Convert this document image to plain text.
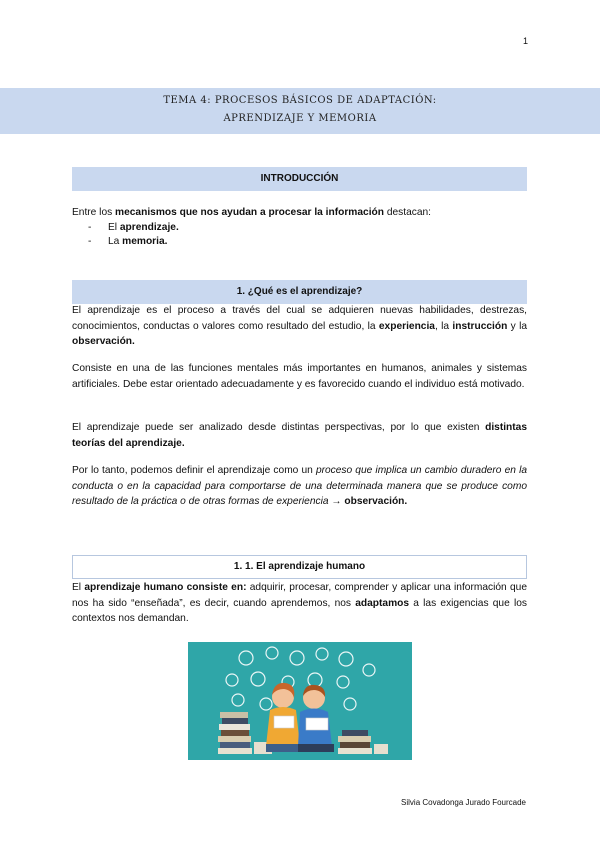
1
TEMA 4: PROCESOS BÁSICOS DE ADAPTACIÓN:
APRENDIZAJE Y MEMORIA
INTRODUCCIÓN
Entre los mecanismos que nos ayudan a procesar la información destacan:
- El aprendizaje.
- La memoria.
1. ¿Qué es el aprendizaje?
El aprendizaje es el proceso a través del cual se adquieren nuevas habilidades, destrezas, conocimientos, conductas o valores como resultado del estudio, la experiencia, la instrucción y la observación.
Consiste en una de las funciones mentales más importantes en humanos, animales y sistemas artificiales. Debe estar orientado adecuadamente y es favorecido cuando el individuo está motivado.
El aprendizaje puede ser analizado desde distintas perspectivas, por lo que existen distintas teorías del aprendizaje.
Por lo tanto, podemos definir el aprendizaje como un proceso que implica un cambio duradero en la conducta o en la capacidad para comportarse de una determinada manera que se produce como resultado de la práctica o de otras formas de experiencia → observación.
1. 1. El aprendizaje humano
El aprendizaje humano consiste en: adquirir, procesar, comprender y aplicar una información que nos ha sido “enseñada”, es decir, cuando aprendemos, nos adaptamos a las exigencias que los contextos nos demandan.
Silvia Covadonga Jurado Fourcade
